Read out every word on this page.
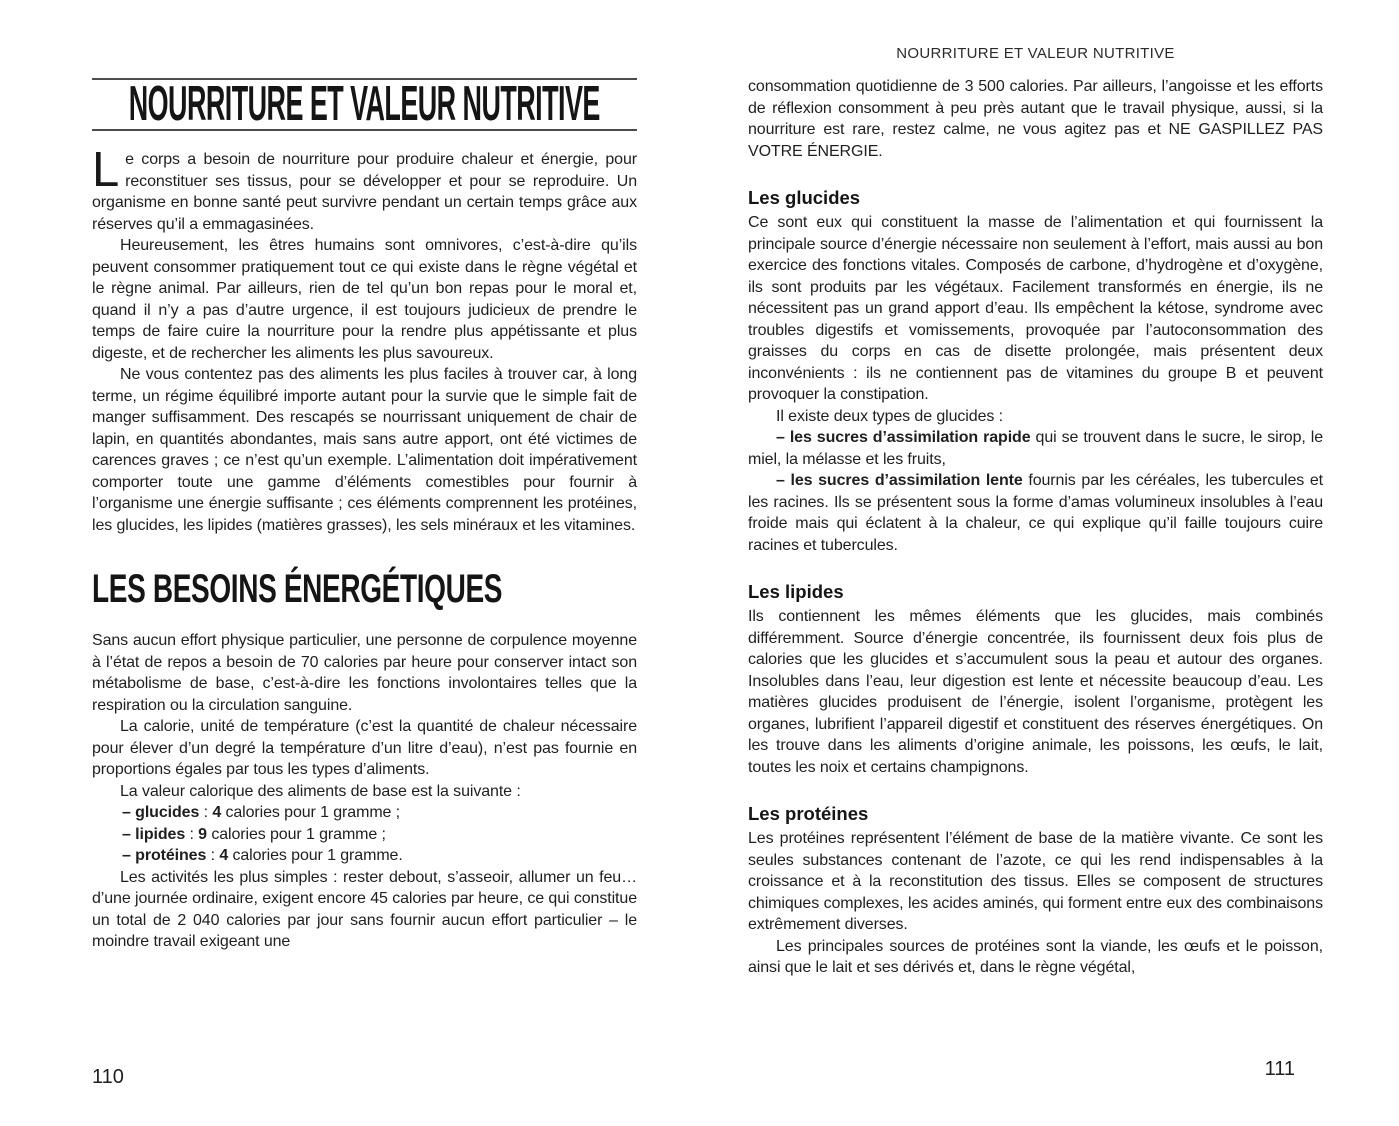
NOURRITURE ET VALEUR NUTRITIVE

Le corps a besoin de nourriture pour produire chaleur et énergie, pour reconstituer ses tissus, pour se développer et pour se reproduire. Un organisme en bonne santé peut survivre pendant un certain temps grâce aux réserves qu’il a emmagasinées.

Heureusement, les êtres humains sont omnivores, c’est-à-dire qu’ils peuvent consommer pratiquement tout ce qui existe dans le règne végétal et le règne animal. Par ailleurs, rien de tel qu’un bon repas pour le moral et, quand il n’y a pas d’autre urgence, il est toujours judicieux de prendre le temps de faire cuire la nourriture pour la rendre plus appétissante et plus digeste, et de rechercher les aliments les plus savoureux.

Ne vous contentez pas des aliments les plus faciles à trouver car, à long terme, un régime équilibré importe autant pour la survie que le simple fait de manger suffisamment. Des rescapés se nourrissant uniquement de chair de lapin, en quantités abondantes, mais sans autre apport, ont été victimes de carences graves ; ce n’est qu’un exemple. L’alimentation doit impérativement comporter toute une gamme d’éléments comestibles pour fournir à l’organisme une énergie suffisante ; ces éléments comprennent les protéines, les glucides, les lipides (matières grasses), les sels minéraux et les vitamines.

LES BESOINS ÉNERGÉTIQUES

Sans aucun effort physique particulier, une personne de corpulence moyenne à l’état de repos a besoin de 70 calories par heure pour conserver intact son métabolisme de base, c’est-à-dire les fonctions involontaires telles que la respiration ou la circulation sanguine.

La calorie, unité de température (c’est la quantité de chaleur nécessaire pour élever d’un degré la température d’un litre d’eau), n’est pas fournie en proportions égales par tous les types d’aliments.

La valeur calorique des aliments de base est la suivante :

– glucides : 4 calories pour 1 gramme ;

– lipides : 9 calories pour 1 gramme ;

– protéines : 4 calories pour 1 gramme.

Les activités les plus simples : rester debout, s’asseoir, allumer un feu… d’une journée ordinaire, exigent encore 45 calories par heure, ce qui constitue un total de 2 040 calories par jour sans fournir aucun effort particulier – le moindre travail exigeant une

NOURRITURE ET VALEUR NUTRITIVE

consommation quotidienne de 3 500 calories. Par ailleurs, l’angoisse et les efforts de réflexion consomment à peu près autant que le travail physique, aussi, si la nourriture est rare, restez calme, ne vous agitez pas et NE GASPILLEZ PAS VOTRE ÉNERGIE.

Les glucides

Ce sont eux qui constituent la masse de l’alimentation et qui fournissent la principale source d’énergie nécessaire non seulement à l’effort, mais aussi au bon exercice des fonctions vitales. Composés de carbone, d’hydrogène et d’oxygène, ils sont produits par les végétaux. Facilement transformés en énergie, ils ne nécessitent pas un grand apport d’eau. Ils empêchent la kétose, syndrome avec troubles digestifs et vomissements, provoquée par l’autoconsommation des graisses du corps en cas de disette prolongée, mais présentent deux inconvénients : ils ne contiennent pas de vitamines du groupe B et peuvent provoquer la constipation.

Il existe deux types de glucides :

– les sucres d’assimilation rapide qui se trouvent dans le sucre, le sirop, le miel, la mélasse et les fruits,

– les sucres d’assimilation lente fournis par les céréales, les tubercules et les racines. Ils se présentent sous la forme d’amas volumineux insolubles à l’eau froide mais qui éclatent à la chaleur, ce qui explique qu’il faille toujours cuire racines et tubercules.

Les lipides

Ils contiennent les mêmes éléments que les glucides, mais combinés différemment. Source d’énergie concentrée, ils fournissent deux fois plus de calories que les glucides et s’accumulent sous la peau et autour des organes. Insolubles dans l’eau, leur digestion est lente et nécessite beaucoup d’eau. Les matières glucides produisent de l’énergie, isolent l’organisme, protègent les organes, lubrifient l’appareil digestif et constituent des réserves énergétiques. On les trouve dans les aliments d’origine animale, les poissons, les œufs, le lait, toutes les noix et certains champignons.

Les protéines

Les protéines représentent l’élément de base de la matière vivante. Ce sont les seules substances contenant de l’azote, ce qui les rend indispensables à la croissance et à la reconstitution des tissus. Elles se composent de structures chimiques complexes, les acides aminés, qui forment entre eux des combinaisons extrêmement diverses.

Les principales sources de protéines sont la viande, les œufs et le poisson, ainsi que le lait et ses dérivés et, dans le règne végétal,

110	111
